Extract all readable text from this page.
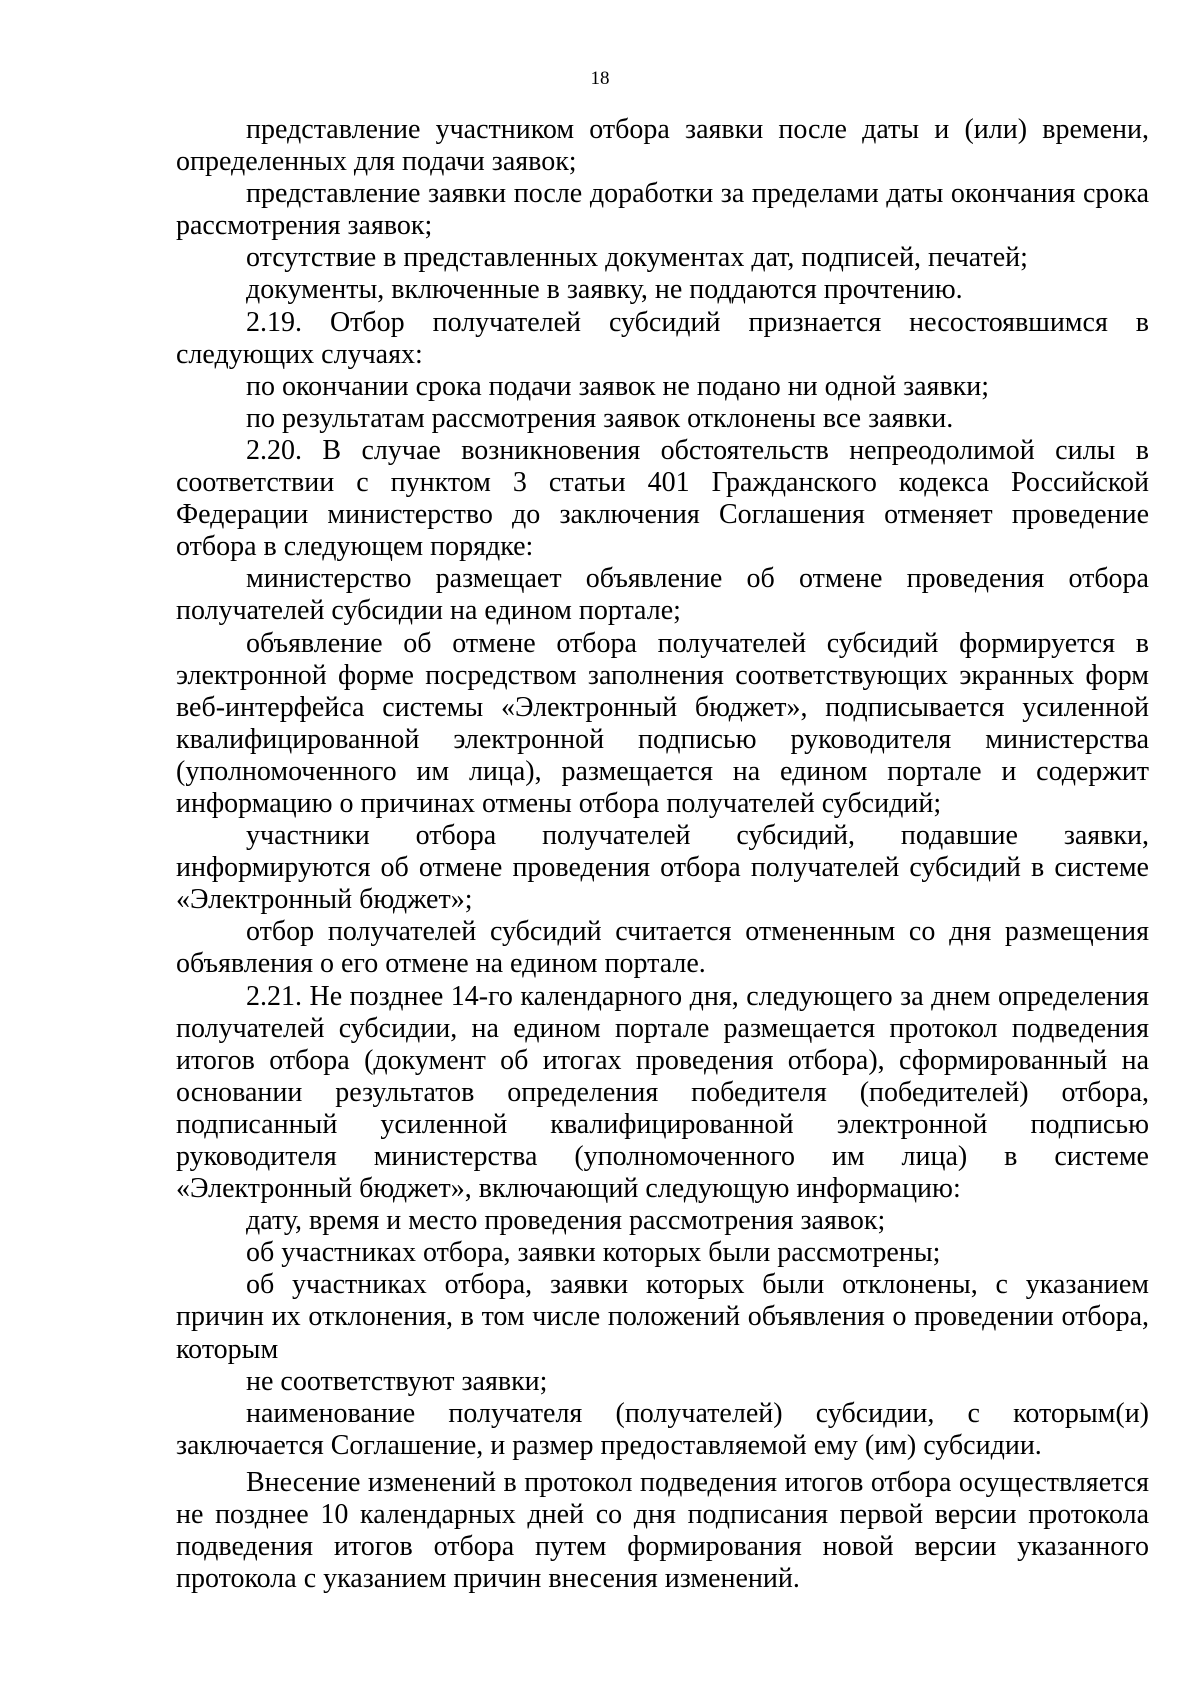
18

представление участником отбора заявки после даты и (или) времени, определенных для подачи заявок;

представление заявки после доработки за пределами даты окончания срока рассмотрения заявок;

отсутствие в представленных документах дат, подписей, печатей;

документы, включенные в заявку, не поддаются прочтению.

2.19. Отбор получателей субсидий признается несостоявшимся в следующих случаях:

по окончании срока подачи заявок не подано ни одной заявки;

по результатам рассмотрения заявок отклонены все заявки.

2.20. В случае возникновения обстоятельств непреодолимой силы в соответствии с пунктом 3 статьи 401 Гражданского кодекса Российской Федерации министерство до заключения Соглашения отменяет проведение отбора в следующем порядке:

министерство размещает объявление об отмене проведения отбора получателей субсидии на едином портале;

объявление об отмене отбора получателей субсидий формируется в электронной форме посредством заполнения соответствующих экранных форм веб-интерфейса системы «Электронный бюджет», подписывается усиленной квалифицированной электронной подписью руководителя министерства (уполномоченного им лица), размещается на едином портале и содержит информацию о причинах отмены отбора получателей субсидий;

участники отбора получателей субсидий, подавшие заявки, информируются об отмене проведения отбора получателей субсидий в системе «Электронный бюджет»;

отбор получателей субсидий считается отмененным со дня размещения объявления о его отмене на едином портале.

2.21. Не позднее 14-го календарного дня, следующего за днем определения получателей субсидии, на едином портале размещается протокол подведения итогов отбора (документ об итогах проведения отбора), сформированный на основании результатов определения победителя (победителей) отбора, подписанный усиленной квалифицированной электронной подписью руководителя министерства (уполномоченного им лица) в системе «Электронный бюджет», включающий следующую информацию:

дату, время и место проведения рассмотрения заявок;

об участниках отбора, заявки которых были рассмотрены;

об участниках отбора, заявки которых были отклонены, с указанием причин их отклонения, в том числе положений объявления о проведении отбора, которым

не соответствуют заявки;

наименование получателя (получателей) субсидии, с которым(и) заключается Соглашение, и размер предоставляемой ему (им) субсидии.

Внесение изменений в протокол подведения итогов отбора осуществляется не позднее 10 календарных дней со дня подписания первой версии протокола подведения итогов отбора путем формирования новой версии указанного протокола с указанием причин внесения изменений.
